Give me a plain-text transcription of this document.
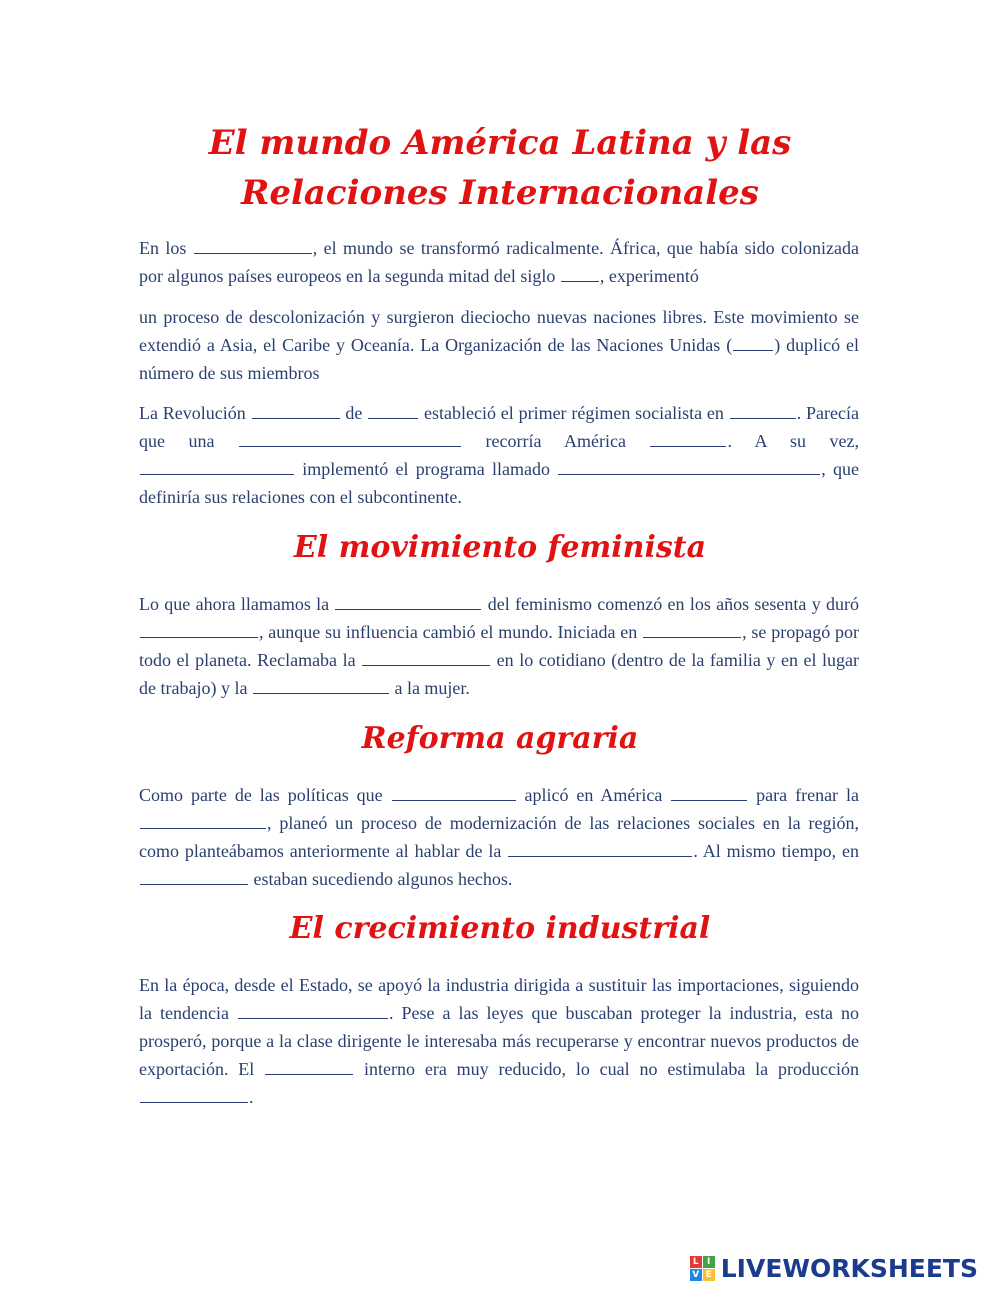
El mundo América Latina y las Relaciones Internacionales

En los	, el mundo se transformó radicalmente. África, que había sido colonizada por algunos países europeos en la segunda mitad del siglo , experimentó

un proceso de descolonización y surgieron dieciocho nuevas naciones libres. Este movimiento se extendió a Asia, el Caribe y Oceanía. La Organización de las Naciones Unidas ( ) duplicó el número de sus miembros

La Revolución	de	estableció el primer régimen socialista en	. Parecía que una	recorría América	. A su vez,  implementó el programa llamado	, que definiría sus relaciones con el subcontinente.

El movimiento feminista

Lo que ahora llamamos la	del feminismo comenzó en los años sesenta y duró , aunque su influencia cambió el mundo. Iniciada en	, se propagó por todo el planeta. Reclamaba la	en lo cotidiano (dentro de la familia y en el lugar de trabajo) y la	a la mujer.

Reforma agraria

Como parte de las políticas que	aplicó en América	para frenar la , planeó un proceso de modernización de las relaciones sociales en la región, como planteábamos anteriormente al hablar de la	. Al mismo tiempo, en  estaban sucediendo algunos hechos.

El crecimiento industrial

En la época, desde el Estado, se apoyó la industria dirigida a sustituir las importaciones, siguiendo la tendencia	. Pese a las leyes que buscaban proteger la industria, esta no prosperó, porque a la clase dirigente le interesaba más recuperarse y encontrar nuevos productos de exportación. El	interno era muy reducido, lo cual no estimulaba la producción .

L I
V E LIVEWORKSHEETS
